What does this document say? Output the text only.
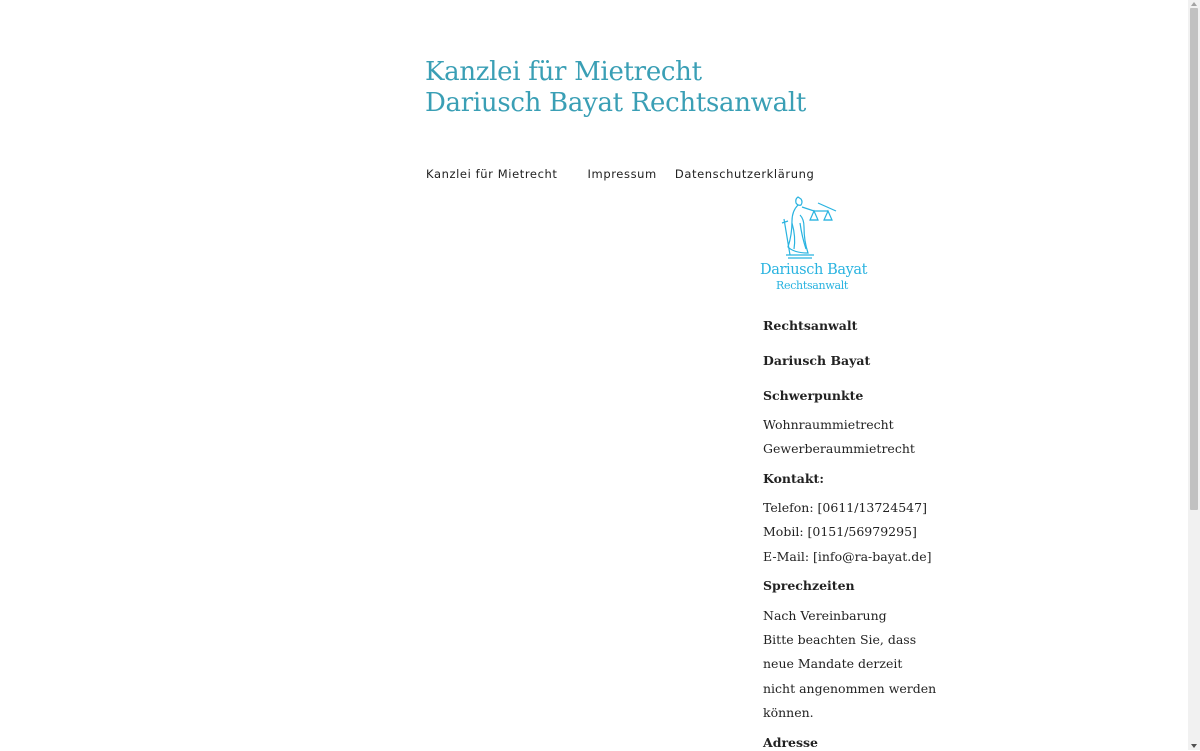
Kanzlei für Mietrecht
Dariusch Bayat Rechtsanwalt
Kanzlei für Mietrecht	Impressum Datenschutzerklärung
Dariusch Bayat
Rechtsanwalt

Rechtsanwalt

Dariusch Bayat

Schwerpunkte

Wohnraummietrecht

Gewerberaummietrecht

Kontakt:

Telefon: [0611/13724547]

Mobil: [0151/56979295]

E-Mail: [info@ra-bayat.de]

Sprechzeiten

Nach Vereinbarung

Bitte beachten Sie, dass

neue Mandate derzeit

nicht angenommen werden

können.

Adresse
